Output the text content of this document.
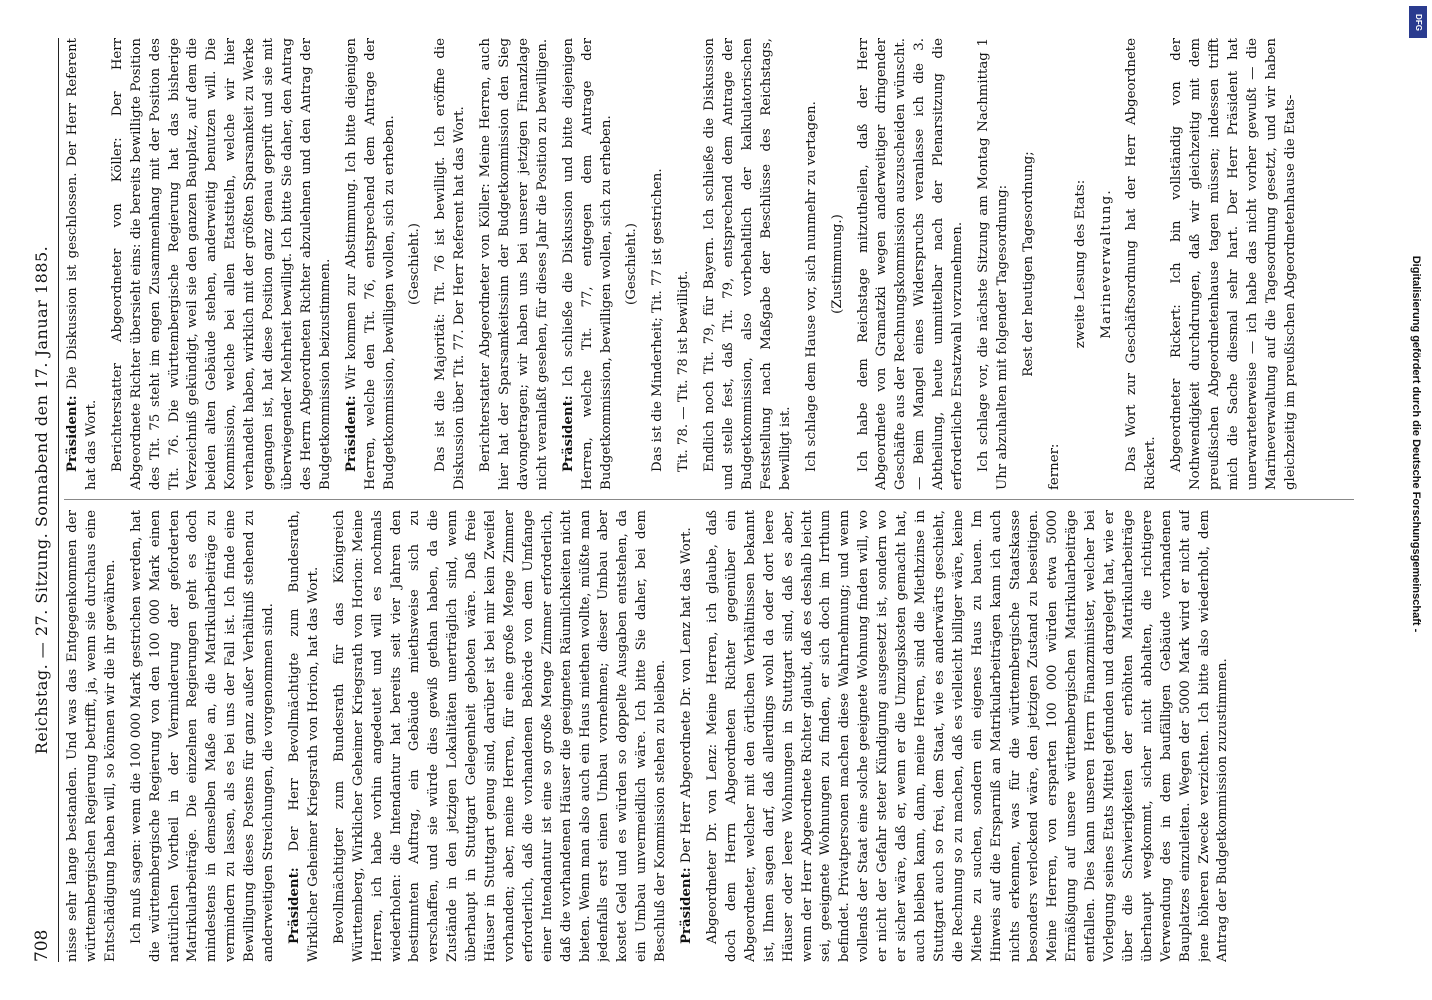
708
Reichstag. — 27. Sitzung. Sonnabend den 17. Januar 1885. nisse sehr lange bestanden. Und was das Entgegenkommen der württembergischen Regierung betrifft, ja, wenn sie durchaus eine Entschädigung haben will, so können wir die ihr gewähren. Ich muß sagen: wenn die 100 000 Mark gestrichen werden, hat die württembergische Regierung von den 100 000 Mark einen natürlichen Vortheil in der Verminderung der geforderten Matrikularbeiträge. Die einzelnen Regierungen geht es doch mindestens in demselben Maße an, die Matrikularbeiträge zu vermindern zu lassen, als es bei uns der Fall ist. Ich finde eine Bewilligung dieses Postens für ganz außer Verhältniß stehend zu anderweitigen Streichungen, die vorgenommen sind. Präsident: Der Herr Bevollmächtigte zum Bundesrath, Wirklicher Geheimer Kriegsrath von Horion, hat das Wort. Bevollmächtigter zum Bundesrath für das Königreich Württemberg, Wirklicher Geheimer Kriegsrath von Horion: Meine Herren, ich habe vorhin angedeutet und will es nochmals wiederholen: die Intendantur hat bereits seit vier Jahren den bestimmten Auftrag, ein Gebäude miethsweise sich zu verschaffen, und sie würde dies gewiß gethan haben, da die Zustände in den jetzigen Lokalitäten unerträglich sind, wenn überhaupt in Stuttgart Gelegenheit geboten wäre. Daß freie Häuser in Stuttgart genug sind, darüber ist bei mir kein Zweifel vorhanden; aber, meine Herren, für eine große Menge Zimmer erforderlich, daß die vorhandenen Behörde von dem Umfange einer Intendantur ist eine so große Menge Zimmer erforderlich, daß die vorhandenen Häuser die geeigneten Räumlichkeiten nicht bieten. Wenn man also auch ein Haus miethen wollte, müßte man jedenfalls erst einen Umbau vornehmen; dieser Umbau aber kostet Geld und es würden so doppelte Ausgaben entstehen, da ein Umbau unvermeidlich wäre. Ich bitte Sie daher, bei dem Beschluß der Kommission stehen zu bleiben. Präsident: Der Herr Abgeordnete Dr. von Lenz hat das Wort. Abgeordneter Dr. von Lenz: Meine Herren, ich glaube, daß doch dem Herrn Abgeordneten Richter gegenüber ein Abgeordneter, welcher mit den örtlichen Verhältnissen bekannt ist, Ihnen sagen darf, daß allerdings wohl da oder dort leere Häuser oder leere Wohnungen in Stuttgart sind, daß es aber, wenn der Herr Abgeordnete Richter glaubt, daß es deshalb leicht sei, geeignete Wohnungen zu finden, er sich doch im Irrthum befindet. Privatpersonen machen diese Wahrnehmung; und wenn vollends der Staat eine solche geeignete Wohnung finden will, wo er nicht der Gefahr steter Kündigung ausgesetzt ist, sondern wo er sicher wäre, daß er, wenn er die Umzugskosten gemacht hat, auch bleiben kann, dann, meine Herren, sind die Miethzinse in Stuttgart auch so frei, dem Staat, wie es anderwärts geschieht, die Rechnung so zu machen, daß es vielleicht billiger wäre, keine Miethe zu suchen, sondern ein eigenes Haus zu bauen. Im Hinweis auf die Ersparniß an Matrikularbeiträgen kann ich auch nichts erkennen, was für die württembergische Staatskasse besonders verlockend wäre, den jetzigen Zustand zu beseitigen. Meine Herren, von ersparten 100 000 würden etwa 5000 Ermäßigung auf unsere württembergischen Matrikularbeiträge entfallen. Dies kann unseren Herrn Finanzminister, welcher bei Vorlegung seines Etats Mittel gefunden und dargelegt hat, wie er über die Schwierigkeiten der erhöhten Matrikularbeiträge überhaupt wegkommt, sicher nicht abhalten, die richtigere Verwendung des in dem baufälligen Gebäude vorhandenen Bauplatzes einzuleiten. Wegen der 5000 Mark wird er nicht auf jene höheren Zwecke verzichten. Ich bitte also wiederholt, dem Antrag der Budgetkommission zuzustimmen.

Präsident: Die Diskussion ist geschlossen. Der Herr Referent hat das Wort. Berichterstatter Abgeordneter von Köller: Der Herr Abgeordnete Richter übersieht eins: die bereits bewilligte Position des Tit. 75 steht im engen Zusammenhang mit der Position des Tit. 76. Die württembergische Regierung hat das bisherige Verzeichniß gekündigt, weil sie den ganzen Bauplatz, auf dem die beiden alten Gebäude stehen, anderweitig benutzen will. Die Kommission, welche bei allen Etatstiteln, welche wir hier verhandelt haben, wirklich mit der größten Sparsamkeit zu Werke gegangen ist, hat diese Position ganz genau geprüft und sie mit überwiegender Mehrheit bewilligt. Ich bitte Sie daher, den Antrag des Herrn Abgeordneten Richter abzulehnen und den Antrag der Budgetkommission beizustimmen. Präsident: Wir kommen zur Abstimmung. Ich bitte diejenigen Herren, welche den Tit. 76, entsprechend dem Antrage der Budgetkommission, bewilligen wollen, sich zu erheben. (Geschieht.) Das ist die Majorität: Tit. 76 ist bewilligt. Ich eröffne die Diskussion über Tit. 77. Der Herr Referent hat das Wort. Berichterstatter Abgeordneter von Köller: Meine Herren, auch hier hat der Sparsamkeitssinn der Budgetkommission den Sieg davongetragen; wir haben uns bei unserer jetzigen Finanzlage nicht veranlaßt gesehen, für dieses Jahr die Position zu bewilligen. Präsident: Ich schließe die Diskussion und bitte diejenigen Herren, welche Tit. 77, entgegen dem Antrage der Budgetkommission, bewilligen wollen, sich zu erheben. (Geschieht.) Das ist die Minderheit; Tit. 77 ist gestrichen. Tit. 78. — Tit. 78 ist bewilligt. Endlich noch Tit. 79, für Bayern. Ich schließe die Diskussion und stelle fest, daß Tit. 79, entsprechend dem Antrage der Budgetkommission, also vorbehaltlich der kalkulatorischen Feststellung nach Maßgabe der Beschlüsse des Reichstags, bewilligt ist. Ich schlage dem Hause vor, sich nunmehr zu vertagen. (Zustimmung.) Ich habe dem Reichstage mitzutheilen, daß der Herr Abgeordnete von Gramatzki wegen anderweitiger dringender Geschäfte aus der Rechnungskommission auszuscheiden wünscht. — Beim Mangel eines Widerspruchs veranlasse ich die 3. Abtheilung, heute unmittelbar nach der Plenarsitzung die erforderliche Ersatzwahl vorzunehmen. Ich schlage vor, die nächste Sitzung am Montag Nachmittag 1 Uhr abzuhalten mit folgender Tagesordnung: Rest der heutigen Tagesordnung;

ferner:

zweite Lesung des Etats: Marineverwaltung. Das Wort zur Geschäftsordnung hat der Herr Abgeordnete Rickert. Abgeordneter Rickert: Ich bin vollständig von der Nothwendigkeit durchdrungen, daß wir gleichzeitig mit dem preußischen Abgeordnetenhause tagen müssen; indessen trifft mich die Sache diesmal sehr hart. Der Herr Präsident hat unerwarteterweise — ich habe das nicht vorher gewußt — die Marineverwaltung auf die Tagesordnung gesetzt, und wir haben gleichzeitig im preußischen Abgeordnetenhause die Etats-	Digitalisierung gefördert durch die Deutsche Forschungsgemeinschaft -
DFG
